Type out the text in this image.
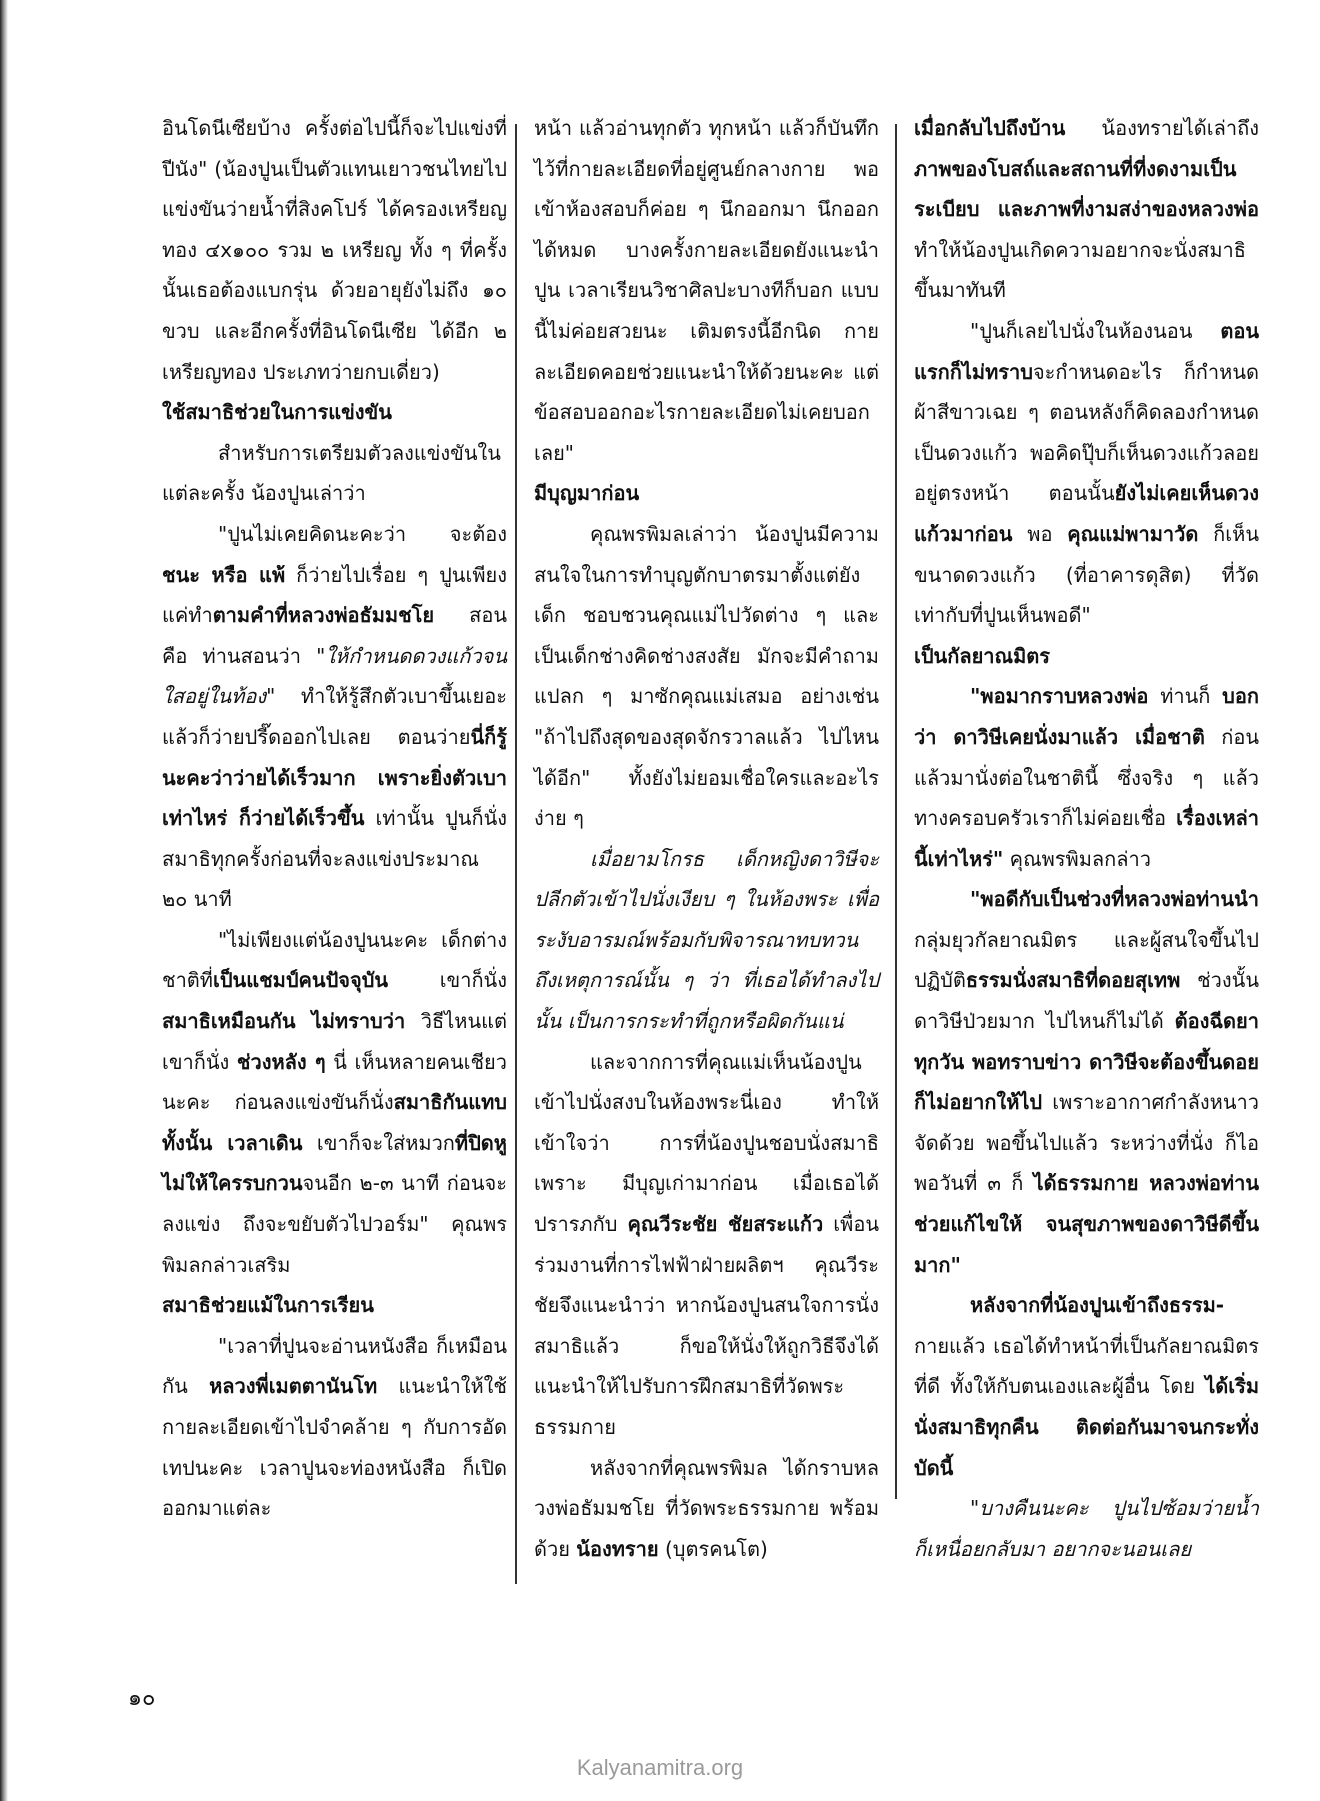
อินโดนีเซียบ้าง ครั้งต่อไปนี้ก็จะไปแข่งที่ปีนัง" (น้องปูนเป็นตัวแทนเยาวชนไทยไปแข่งขันว่ายน้ำที่สิงคโปร์ ได้ครองเหรียญทอง ๔x๑๐๐ รวม ๒ เหรียญ ทั้ง ๆ ที่ครั้งนั้นเธอต้องแบกรุ่น ด้วยอายุยังไม่ถึง ๑๐ ขวบ และอีกครั้งที่อินโดนีเซีย ได้อีก ๒ เหรียญทอง ประเภทว่ายกบเดี่ยว)

ใช้สมาธิช่วยในการแข่งขัน

สำหรับการเตรียมตัวลงแข่งขันในแต่ละครั้ง น้องปูนเล่าว่า

"ปูนไม่เคยคิดนะคะว่า จะต้อง ชนะ หรือ แพ้ ก็ว่ายไปเรื่อย ๆ ปูนเพียงแค่ทำตามคำที่หลวงพ่อธัมมชโย สอน คือ ท่านสอนว่า "ให้กำหนดดวงแก้วจนใสอยู่ในท้อง" ทำให้รู้สึกตัวเบาขึ้นเยอะ แล้วก็ว่ายปรี๊ดออกไปเลย ตอนว่ายนี่ก็รู้นะคะว่าว่ายได้เร็วมาก เพราะยิ่งตัวเบาเท่าไหร่ ก็ว่ายได้เร็วขึ้น เท่านั้น ปูนก็นั่งสมาธิทุกครั้งก่อนที่จะลงแข่งประมาณ ๒๐ นาที

"ไม่เพียงแต่น้องปูนนะคะ เด็กต่างชาติที่เป็นแชมป์คนปัจจุบัน เขาก็นั่งสมาธิเหมือนกัน ไม่ทราบว่า วิธีไหนแต่เขาก็นั่ง ช่วงหลัง ๆ นี่ เห็นหลายคนเชียวนะคะ ก่อนลงแข่งขันก็นั่งสมาธิกันแทบทั้งนั้น เวลาเดิน เขาก็จะใส่หมวกที่ปิดหูไม่ให้ใครรบกวนจนอีก ๒-๓ นาที ก่อนจะลงแข่ง ถึงจะขยับตัวไปวอร์ม" คุณพรพิมลกล่าวเสริม

สมาธิช่วยแม้ในการเรียน

"เวลาที่ปูนจะอ่านหนังสือ ก็เหมือนกัน หลวงพี่เมตตานันโท แนะนำให้ใช้กายละเอียดเข้าไปจำคล้าย ๆ กับการอัดเทปนะคะ เวลาปูนจะท่องหนังสือ ก็เปิดออกมาแต่ละ

หน้า แล้วอ่านทุกตัว ทุกหน้า แล้วก็บันทึกไว้ที่กายละเอียดที่อยู่ศูนย์กลางกาย พอเข้าห้องสอบก็ค่อย ๆ นึกออกมา นึกออกได้หมด บางครั้งกายละเอียดยังแนะนำปูน เวลาเรียนวิชาศิลปะบางทีก็บอก แบบนี้ไม่ค่อยสวยนะ เติมตรงนี้อีกนิด กายละเอียดคอยช่วยแนะนำให้ด้วยนะคะ แต่ข้อสอบออกอะไรกายละเอียดไม่เคยบอกเลย"

มีบุญมาก่อน

คุณพรพิมลเล่าว่า น้องปูนมีความสนใจในการทำบุญตักบาตรมาตั้งแต่ยังเด็ก ชอบชวนคุณแม่ไปวัดต่าง ๆ และเป็นเด็กช่างคิดช่างสงสัย มักจะมีคำถามแปลก ๆ มาซักคุณแม่เสมอ อย่างเช่น "ถ้าไปถึงสุดของสุดจักรวาลแล้ว ไปไหนได้อีก" ทั้งยังไม่ยอมเชื่อใครและอะไรง่าย ๆ

เมื่อยามโกรธ เด็กหญิงดาวิษีจะปลีกตัวเข้าไปนั่งเงียบ ๆ ในห้องพระ เพื่อระงับอารมณ์พร้อมกับพิจารณาทบทวนถึงเหตุการณ์นั้น ๆ ว่า ที่เธอได้ทำลงไปนั้น เป็นการกระทำที่ถูกหรือผิดกันแน่

และจากการที่คุณแม่เห็นน้องปูน เข้าไปนั่งสงบในห้องพระนี่เอง ทำให้เข้าใจว่า การที่น้องปูนชอบนั่งสมาธิ เพราะ มีบุญเก่ามาก่อน เมื่อเธอได้ปรารภกับ คุณวีระชัย ชัยสระแก้ว เพื่อนร่วมงานที่การไฟฟ้าฝ่ายผลิตฯ คุณวีระชัยจึงแนะนำว่า หากน้องปูนสนใจการนั่งสมาธิแล้ว ก็ขอให้นั่งให้ถูกวิธีจึงได้แนะนำให้ไปรับการฝึกสมาธิที่วัดพระธรรมกาย

หลังจากที่คุณพรพิมล ได้กราบหลวงพ่อธัมมชโย ที่วัดพระธรรมกาย พร้อมด้วย น้องทราย (บุตรคนโต)

เมื่อกลับไปถึงบ้าน น้องทรายได้เล่าถึงภาพของโบสถ์และสถานที่ที่งดงามเป็นระเบียบ และภาพที่งามสง่าของหลวงพ่อ ทำให้น้องปูนเกิดความอยากจะนั่งสมาธิขึ้นมาทันที

"ปูนก็เลยไปนั่งในห้องนอน ตอนแรกก็ไม่ทราบจะกำหนดอะไร ก็กำหนดผ้าสีขาวเฉย ๆ ตอนหลังก็คิดลองกำหนดเป็นดวงแก้ว พอคิดปุ๊บก็เห็นดวงแก้วลอยอยู่ตรงหน้า ตอนนั้นยังไม่เคยเห็นดวงแก้วมาก่อน พอ คุณแม่พามาวัด ก็เห็นขนาดดวงแก้ว (ที่อาคารดุสิต) ที่วัดเท่ากับที่ปูนเห็นพอดี"

เป็นกัลยาณมิตร

"พอมากราบหลวงพ่อ ท่านก็ บอกว่า ดาวิษีเคยนั่งมาแล้ว เมื่อชาติ ก่อน แล้วมานั่งต่อในชาตินี้ ซึ่งจริง ๆ แล้ว ทางครอบครัวเราก็ไม่ค่อยเชื่อ เรื่องเหล่านี้เท่าไหร่" คุณพรพิมลกล่าว

"พอดีกับเป็นช่วงที่หลวงพ่อท่านนำ กลุ่มยุวกัลยาณมิตร และผู้สนใจขึ้นไปปฏิบัติธรรมนั่งสมาธิที่ดอยสุเทพ ช่วงนั้นดาวิษีป่วยมาก ไปไหนก็ไม่ได้ ต้องฉีดยาทุกวัน พอทราบข่าว ดาวิษีจะต้องขึ้นดอย ก็ไม่อยากให้ไป เพราะอากาศกำลังหนาวจัดด้วย พอขึ้นไปแล้ว ระหว่างที่นั่ง ก็ไอ พอวันที่ ๓ ก็ ได้ธรรมกาย หลวงพ่อท่านช่วยแก้ไขให้ จนสุขภาพของดาวิษีดีขึ้นมาก"

หลังจากที่น้องปูนเข้าถึงธรรม- กายแล้ว เธอได้ทำหน้าที่เป็นกัลยาณมิตรที่ดี ทั้งให้กับตนเองและผู้อื่น โดย ได้เริ่มนั่งสมาธิทุกคืน ติดต่อกันมาจนกระทั่งบัดนี้

"บางคืนนะคะ ปูนไปซ้อมว่ายน้ำ ก็เหนื่อยกลับมา อยากจะนอนเลย

๑๐
Kalyanamitra.org
